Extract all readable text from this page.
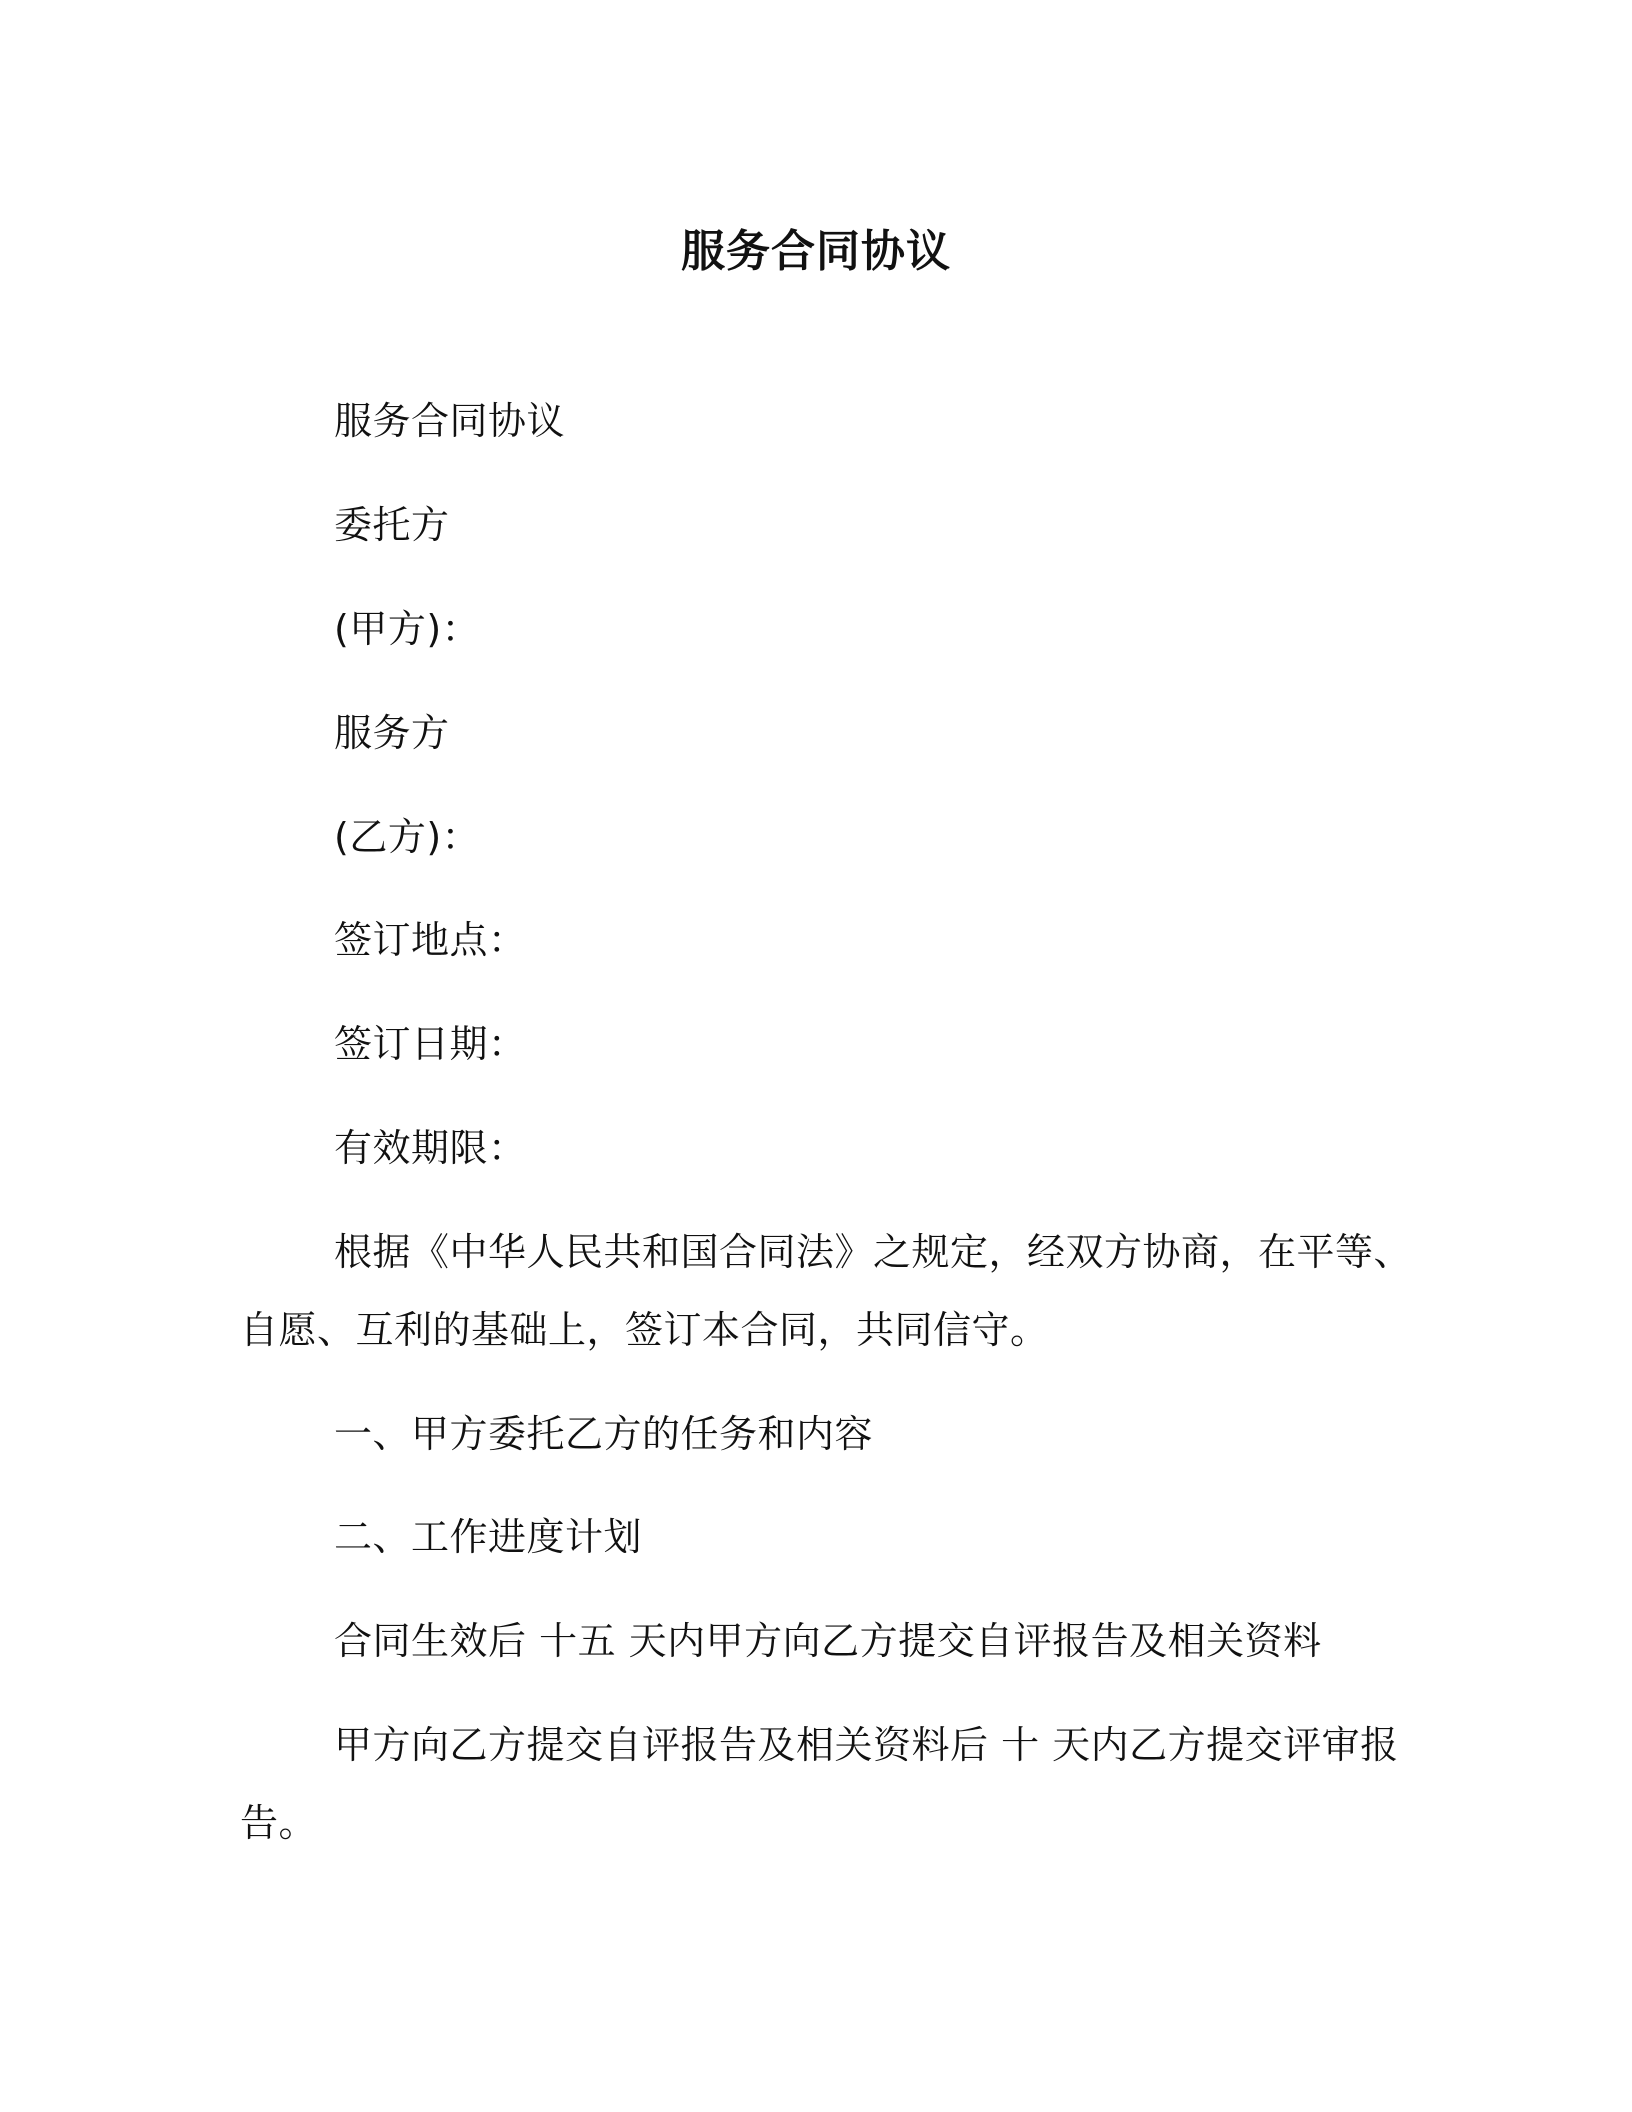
服务合同协议
服务合同协议
委托方
(甲方)：
服务方
(乙方)：
签订地点：
签订日期：
有效期限：
根据《中华人民共和国合同法》之规定，经双方协商，在平等、
自愿、互利的基础上，签订本合同，共同信守。
一、甲方委托乙方的任务和内容
二、工作进度计划
合同生效后 十五 天内甲方向乙方提交自评报告及相关资料
甲方向乙方提交自评报告及相关资料后 十 天内乙方提交评审报
告。
